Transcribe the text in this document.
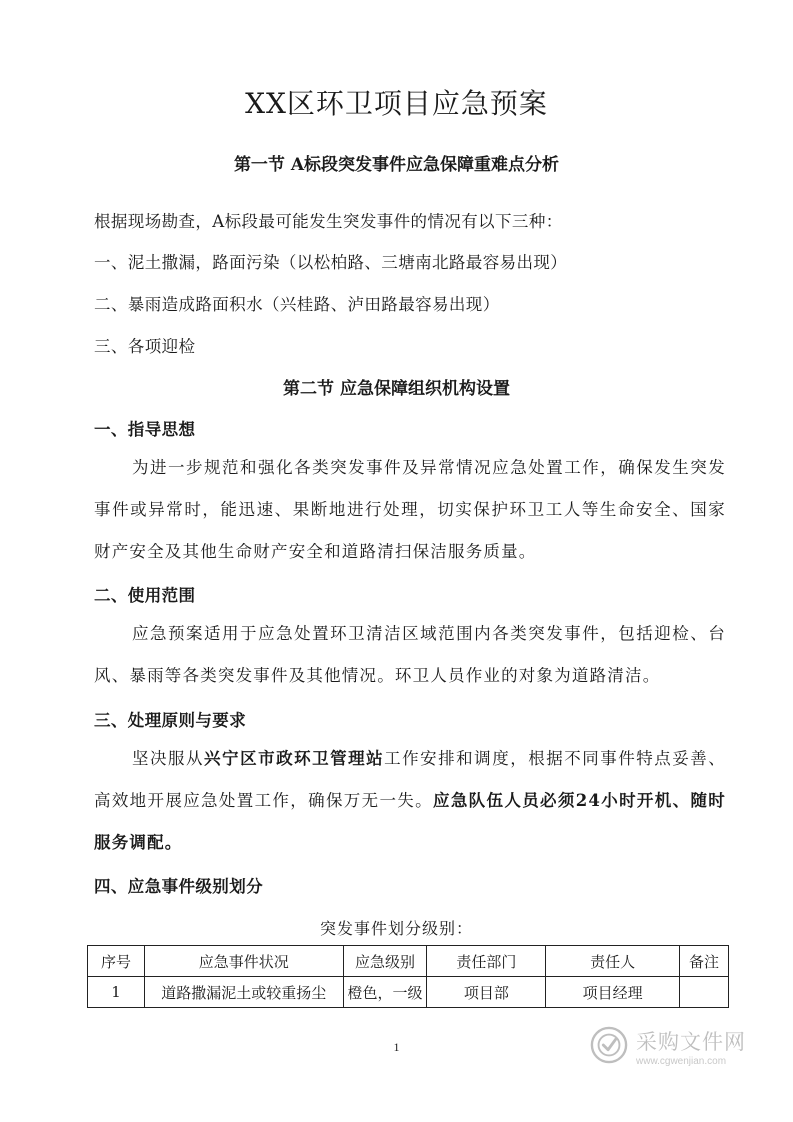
XX区环卫项目应急预案
第一节 A标段突发事件应急保障重难点分析

根据现场勘查，A标段最可能发生突发事件的情况有以下三种：

一、泥土撒漏，路面污染（以松柏路、三塘南北路最容易出现）

二、暴雨造成路面积水（兴桂路、泸田路最容易出现）

三、各项迎检

第二节 应急保障组织机构设置

一、指导思想

为进一步规范和强化各类突发事件及异常情况应急处置工作，确保发生突发事件或异常时，能迅速、果断地进行处理，切实保护环卫工人等生命安全、国家财产安全及其他生命财产安全和道路清扫保洁服务质量。

二、使用范围

应急预案适用于应急处置环卫清洁区域范围内各类突发事件，包括迎检、台风、暴雨等各类突发事件及其他情况。环卫人员作业的对象为道路清洁。

三、处理原则与要求

坚决服从兴宁区市政环卫管理站工作安排和调度，根据不同事件特点妥善、高效地开展应急处置工作，确保万无一失。应急队伍人员必须24小时开机、随时服务调配。

四、应急事件级别划分

突发事件划分级别：

序号	应急事件状况	应急级别	责任部门	责任人	备注
1	道路撒漏泥土或较重扬尘	橙色，一级	项目部	项目经理	
1	采购文件网
www.cgwenjian.com
